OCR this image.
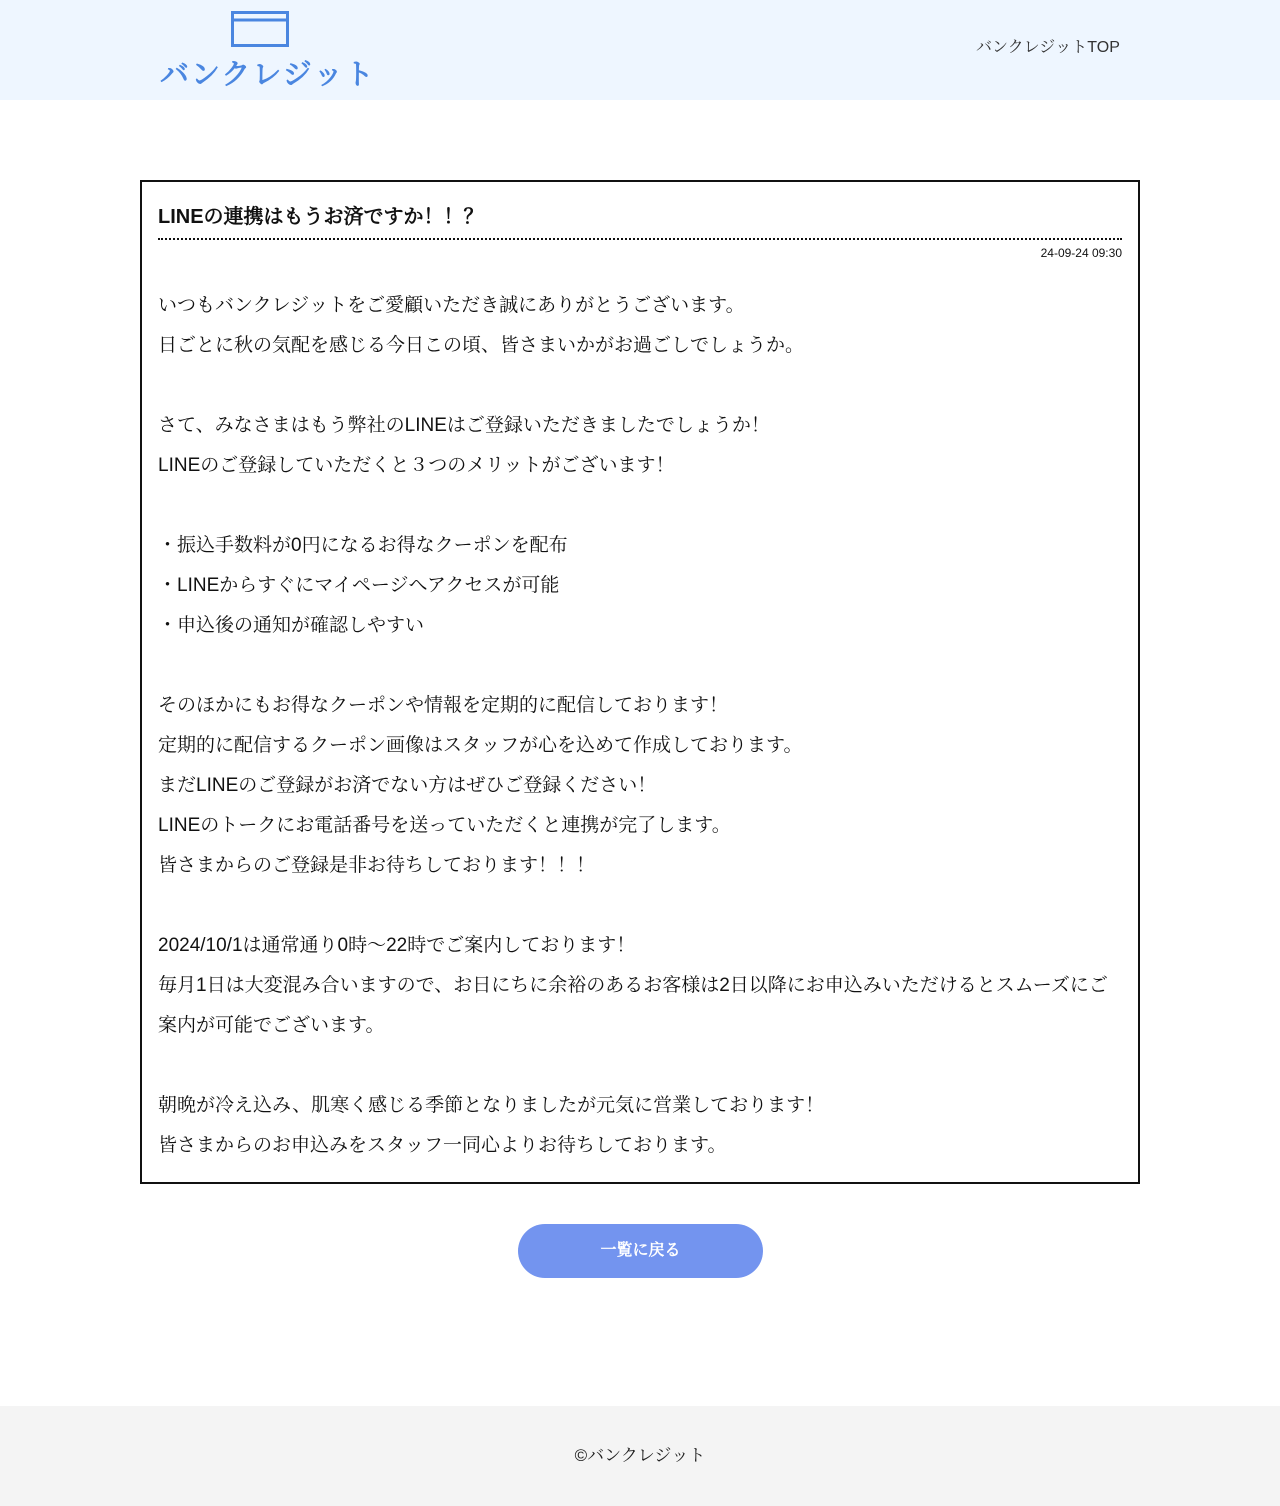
バンクレジット
バンクレジットTOP
LINEの連携はもうお済ですか！！？
24-09-24 09:30
いつもバンクレジットをご愛顧いただき誠にありがとうございます。
日ごとに秋の気配を感じる今日この頃、皆さまいかがお過ごしでしょうか。

さて、みなさまはもう弊社のLINEはご登録いただきましたでしょうか！
LINEのご登録していただくと３つのメリットがございます！

・振込手数料が0円になるお得なクーポンを配布
・LINEからすぐにマイページへアクセスが可能
・申込後の通知が確認しやすい

そのほかにもお得なクーポンや情報を定期的に配信しております！
定期的に配信するクーポン画像はスタッフが心を込めて作成しております。
まだLINEのご登録がお済でない方はぜひご登録ください！
LINEのトークにお電話番号を送っていただくと連携が完了します。
皆さまからのご登録是非お待ちしております！！！

2024/10/1は通常通り0時～22時でご案内しております！
毎月1日は大変混み合いますので、お日にちに余裕のあるお客様は2日以降にお申込みいただけるとスムーズにご案内が可能でございます。

朝晩が冷え込み、肌寒く感じる季節となりましたが元気に営業しております！
皆さまからのお申込みをスタッフ一同心よりお待ちしております。
一覧に戻る
©バンクレジット
